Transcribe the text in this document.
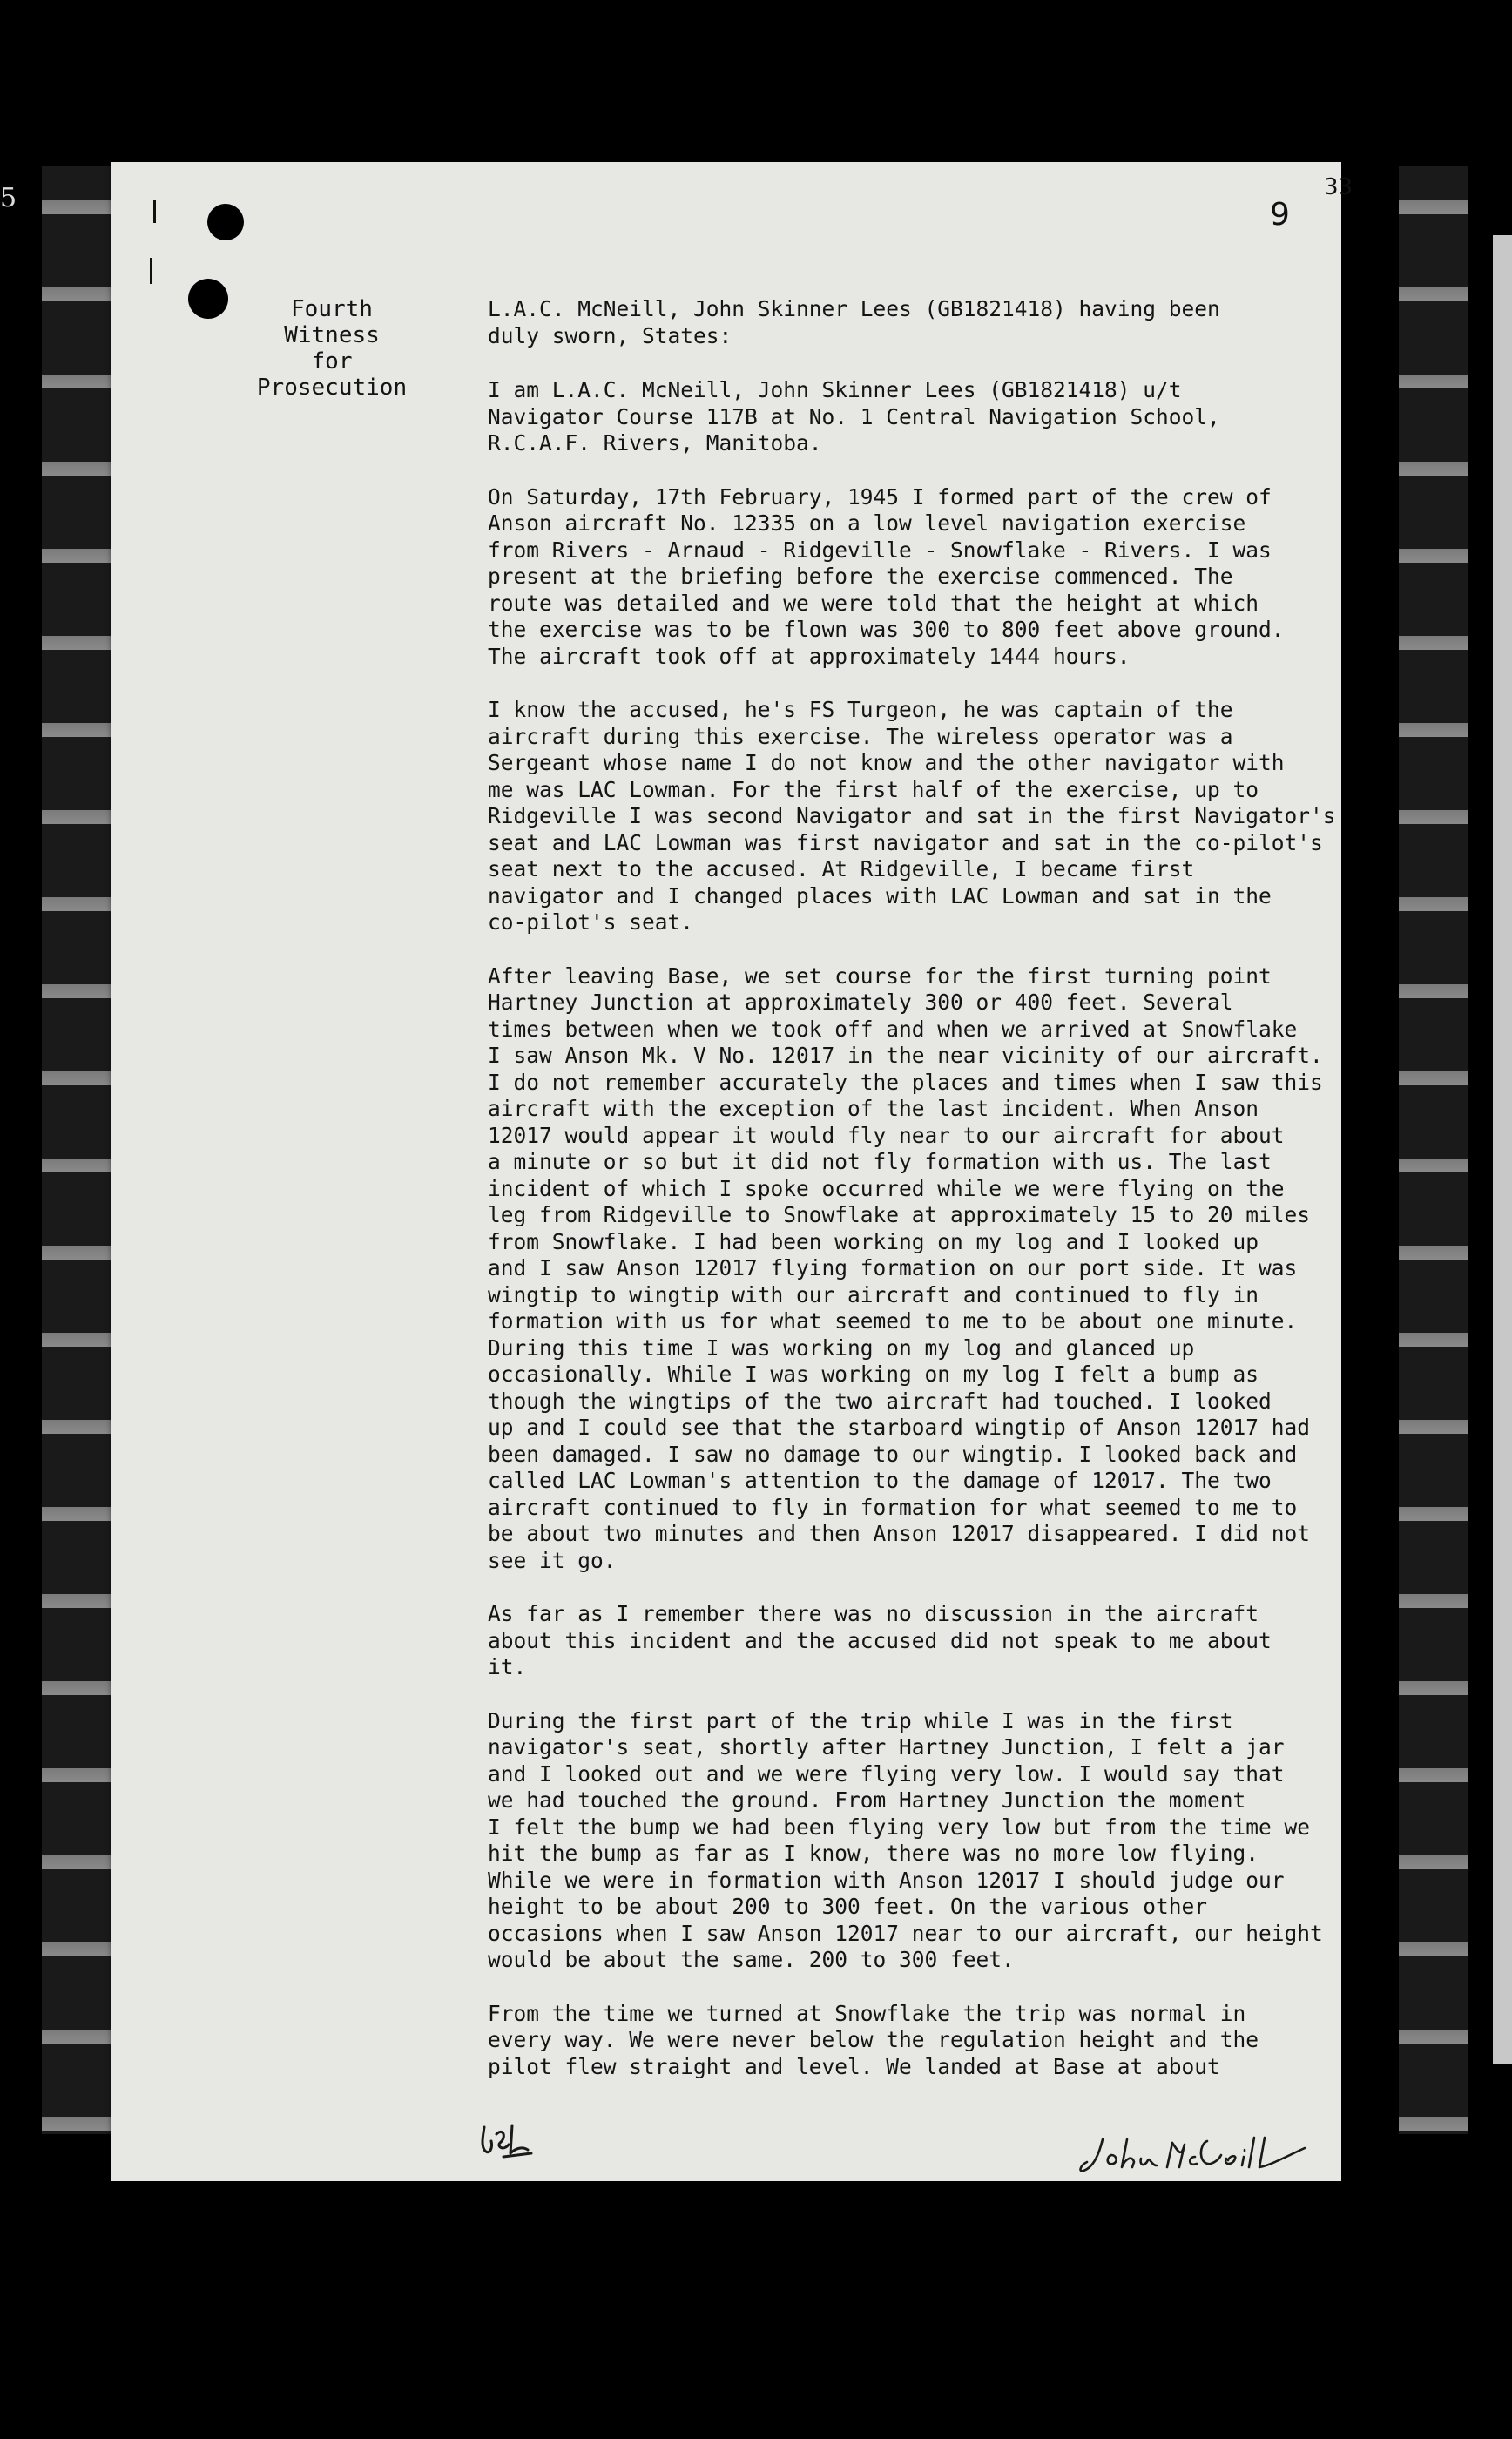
5	9
33
Fourth Witness
for
Prosecution

L.A.C. McNeill, John Skinner Lees (GB1821418) having been
duly sworn, States:

I am L.A.C. McNeill, John Skinner Lees (GB1821418) u/t
Navigator Course 117B at No. 1 Central Navigation School,
R.C.A.F. Rivers, Manitoba.

On Saturday, 17th February, 1945 I formed part of the crew of
Anson aircraft No. 12335 on a low level navigation exercise
from Rivers - Arnaud - Ridgeville - Snowflake - Rivers. I was
present at the briefing before the exercise commenced. The
route was detailed and we were told that the height at which
the exercise was to be flown was 300 to 800 feet above ground.
The aircraft took off at approximately 1444 hours.

I know the accused, he's FS Turgeon, he was captain of the
aircraft during this exercise. The wireless operator was a
Sergeant whose name I do not know and the other navigator with
me was LAC Lowman. For the first half of the exercise, up to
Ridgeville I was second Navigator and sat in the first Navigator's
seat and LAC Lowman was first navigator and sat in the co-pilot's
seat next to the accused. At Ridgeville, I became first
navigator and I changed places with LAC Lowman and sat in the
co-pilot's seat.

After leaving Base, we set course for the first turning point
Hartney Junction at approximately 300 or 400 feet. Several
times between when we took off and when we arrived at Snowflake
I saw Anson Mk. V No. 12017 in the near vicinity of our aircraft.
I do not remember accurately the places and times when I saw this
aircraft with the exception of the last incident. When Anson
12017 would appear it would fly near to our aircraft for about
a minute or so but it did not fly formation with us. The last
incident of which I spoke occurred while we were flying on the
leg from Ridgeville to Snowflake at approximately 15 to 20 miles
from Snowflake. I had been working on my log and I looked up
and I saw Anson 12017 flying formation on our port side. It was
wingtip to wingtip with our aircraft and continued to fly in
formation with us for what seemed to me to be about one minute.
During this time I was working on my log and glanced up
occasionally. While I was working on my log I felt a bump as
though the wingtips of the two aircraft had touched. I looked
up and I could see that the starboard wingtip of Anson 12017 had
been damaged. I saw no damage to our wingtip. I looked back and
called LAC Lowman's attention to the damage of 12017. The two
aircraft continued to fly in formation for what seemed to me to
be about two minutes and then Anson 12017 disappeared. I did not
see it go.

As far as I remember there was no discussion in the aircraft
about this incident and the accused did not speak to me about
it.

During the first part of the trip while I was in the first
navigator's seat, shortly after Hartney Junction, I felt a jar
and I looked out and we were flying very low. I would say that
we had touched the ground. From Hartney Junction the moment
I felt the bump we had been flying very low but from the time we
hit the bump as far as I know, there was no more low flying.
While we were in formation with Anson 12017 I should judge our
height to be about 200 to 300 feet. On the various other
occasions when I saw Anson 12017 near to our aircraft, our height
would be about the same. 200 to 300 feet.

From the time we turned at Snowflake the trip was normal in
every way. We were never below the regulation height and the
pilot flew straight and level. We landed at Base at about
